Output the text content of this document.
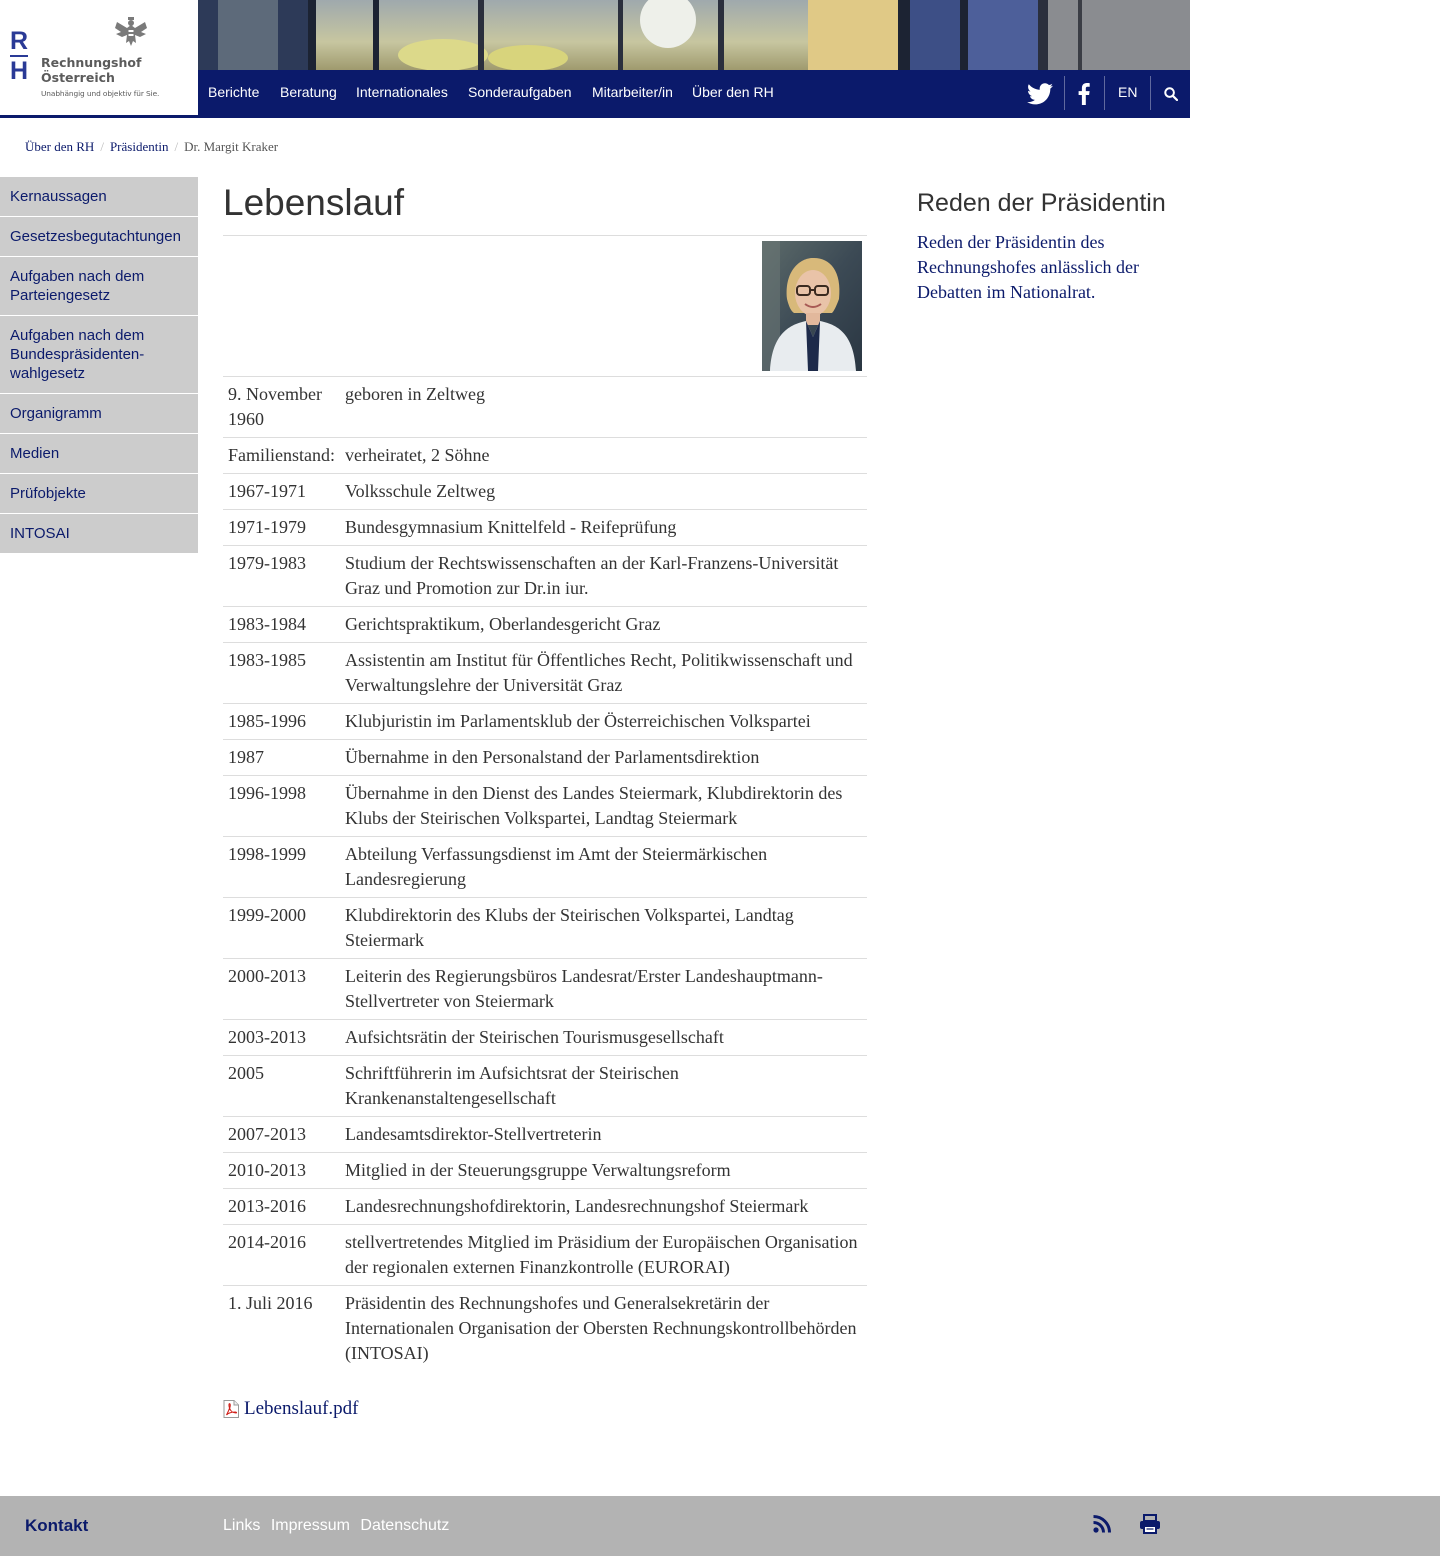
R
H Rechnungshof
Österreich
Unabhängig und objektiv für Sie.	Berichte Beratung Internationales Sonderaufgaben Mitarbeiter/in Über den RH	EN
Über den RH / Präsidentin / Dr. Margit Kraker
Kernaussagen
Gesetzesbegutachtungen
Aufgaben nach dem Parteiengesetz
Aufgaben nach dem Bundespräsidenten-wahlgesetz
Organigramm
Medien
Prüfobjekte
INTOSAI
Lebenslauf
9. November 1960	geboren in Zeltweg
Familienstand:	verheiratet, 2 Söhne
1967-1971	Volksschule Zeltweg
1971-1979	Bundesgymnasium Knittelfeld - Reifeprüfung
1979-1983	Studium der Rechtswissenschaften an der Karl-Franzens-Universität Graz und Promotion zur Dr.in iur.
1983-1984	Gerichtspraktikum, Oberlandesgericht Graz
1983-1985	Assistentin am Institut für Öffentliches Recht, Politikwissenschaft und Verwaltungslehre der Universität Graz
1985-1996	Klubjuristin im Parlamentsklub der Österreichischen Volkspartei
1987	Übernahme in den Personalstand der Parlamentsdirektion
1996-1998	Übernahme in den Dienst des Landes Steiermark, Klubdirektorin des Klubs der Steirischen Volkspartei, Landtag Steiermark
1998-1999	Abteilung Verfassungsdienst im Amt der Steiermärkischen Landesregierung
1999-2000	Klubdirektorin des Klubs der Steirischen Volkspartei, Landtag Steiermark
2000-2013	Leiterin des Regierungsbüros Landesrat/Erster Landeshauptmann-Stellvertreter von Steiermark
2003-2013	Aufsichtsrätin der Steirischen Tourismusgesellschaft
2005	Schriftführerin im Aufsichtsrat der Steirischen Krankenanstaltengesellschaft
2007-2013	Landesamtsdirektor-Stellvertreterin
2010-2013	Mitglied in der Steuerungsgruppe Verwaltungsreform
2013-2016	Landesrechnungshofdirektorin, Landesrechnungshof Steiermark
2014-2016	stellvertretendes Mitglied im Präsidium der Europäischen Organisation der regionalen externen Finanzkontrolle (EURORAI)
1. Juli 2016	Präsidentin des Rechnungshofes und Generalsekretärin der Internationalen Organisation der Obersten Rechnungskontrollbehörden (INTOSAI)
Lebenslauf.pdf
Reden der Präsidentin
Reden der Präsidentin des Rechnungshofes anlässlich der Debatten im Nationalrat.
Kontakt	Links Impressum Datenschutz
